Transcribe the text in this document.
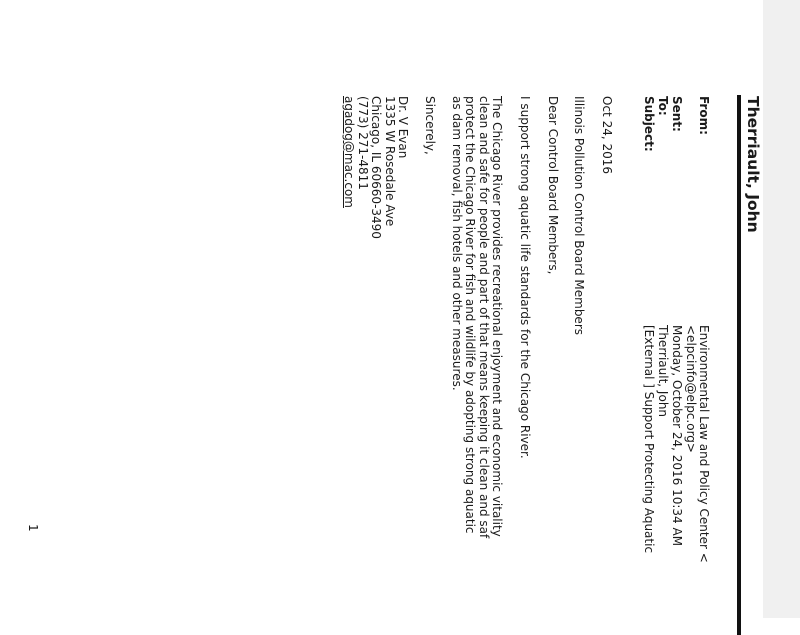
Therriault, John
From:
Environmental Law and Policy Center <
<elpcinfo@elpc.org>
Sent:
Monday, October 24, 2016 10:34 AM
To:
Therriault, John
Subject:
[External ] Support Protecting Aquatic
Oct 24, 2016
Illinois Pollution Control Board Members
Dear Control Board Members,
I support strong aquatic life standards for the Chicago River.
The Chicago River provides recreational enjoyment and economic vitality
clean and safe for people and part of that means keeping it clean and saf
protect the Chicago River for fish and wildlife by adopting strong aquatic
as dam removal, fish hotels and other measures.
Sincerely,
Dr. V Evan
1335 W Rosedale Ave
Chicago, IL 60660-3490
(773) 271-4811
agadog@mac.com
1
